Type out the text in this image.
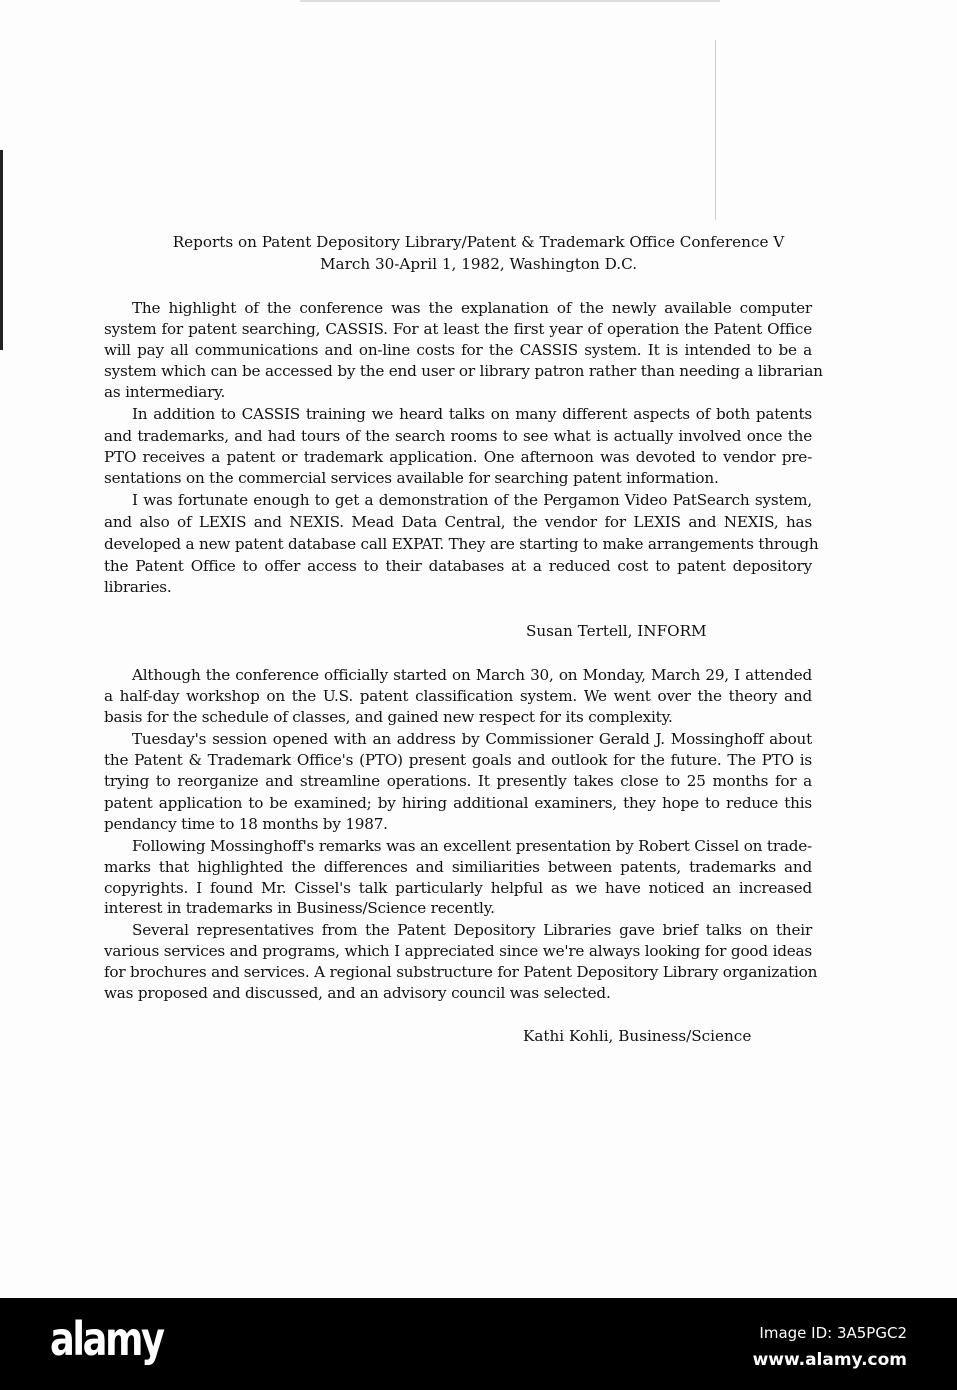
Reports on Patent Depository Library/Patent & Trademark Office Conference V
March 30-April 1, 1982, Washington D.C.
The highlight of the conference was the explanation of the newly available computer
system for patent searching, CASSIS. For at least the first year of operation the Patent Office
will pay all communications and on-line costs for the CASSIS system. It is intended to be a
system which can be accessed by the end user or library patron rather than needing a librarian
as intermediary.
In addition to CASSIS training we heard talks on many different aspects of both patents
and trademarks, and had tours of the search rooms to see what is actually involved once the
PTO receives a patent or trademark application. One afternoon was devoted to vendor pre-
sentations on the commercial services available for searching patent information.
I was fortunate enough to get a demonstration of the Pergamon Video PatSearch system,
and also of LEXIS and NEXIS. Mead Data Central, the vendor for LEXIS and NEXIS, has
developed a new patent database call EXPAT. They are starting to make arrangements through
the Patent Office to offer access to their databases at a reduced cost to patent depository
libraries.
Susan Tertell, INFORM
Although the conference officially started on March 30, on Monday, March 29, I attended
a half-day workshop on the U.S. patent classification system. We went over the theory and
basis for the schedule of classes, and gained new respect for its complexity.
Tuesday's session opened with an address by Commissioner Gerald J. Mossinghoff about
the Patent & Trademark Office's (PTO) present goals and outlook for the future. The PTO is
trying to reorganize and streamline operations. It presently takes close to 25 months for a
patent application to be examined; by hiring additional examiners, they hope to reduce this
pendancy time to 18 months by 1987.
Following Mossinghoff's remarks was an excellent presentation by Robert Cissel on trade-
marks that highlighted the differences and similiarities between patents, trademarks and
copyrights. I found Mr. Cissel's talk particularly helpful as we have noticed an increased
interest in trademarks in Business/Science recently.
Several representatives from the Patent Depository Libraries gave brief talks on their
various services and programs, which I appreciated since we're always looking for good ideas
for brochures and services. A regional substructure for Patent Depository Library organization
was proposed and discussed, and an advisory council was selected.
Kathi Kohli, Business/Science
alamy	Image ID: 3A5PGC2
www.alamy.com
